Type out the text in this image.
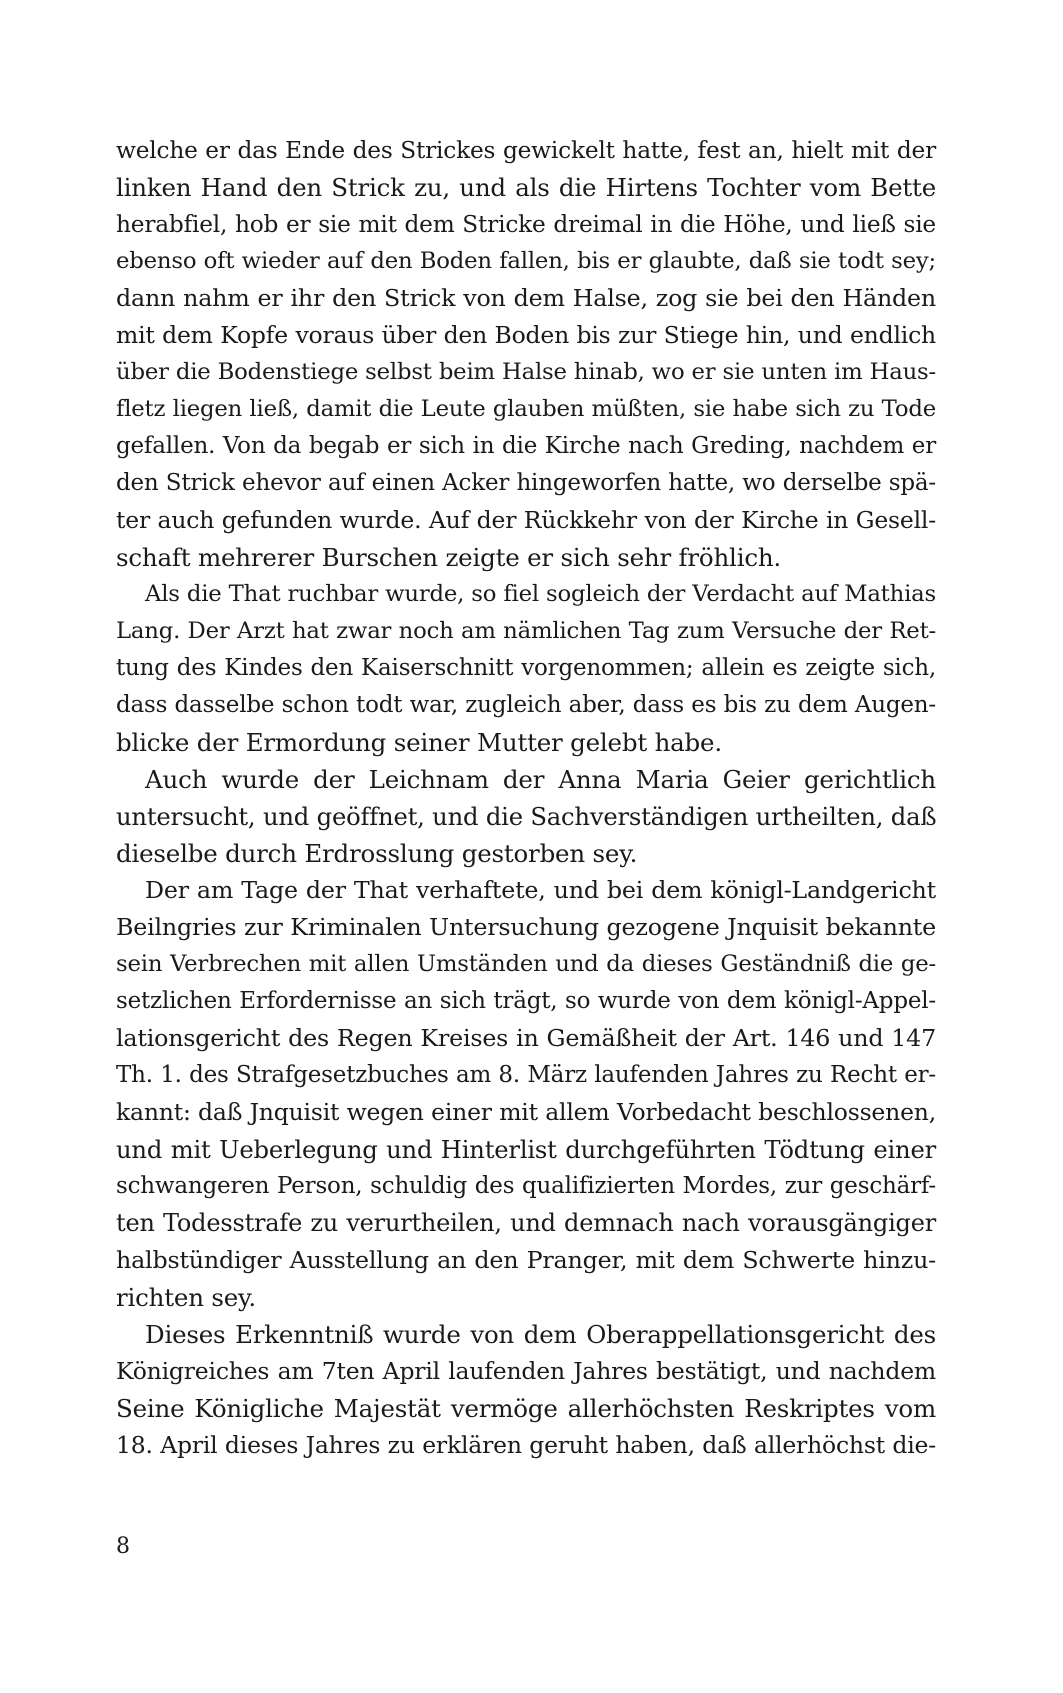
welche er das Ende des Strickes gewickelt hatte, fest an, hielt mit der
linken Hand den Strick zu, und als die Hirtens Tochter vom Bette
herabfiel, hob er sie mit dem Stricke dreimal in die Höhe, und ließ sie
ebenso oft wieder auf den Boden fallen, bis er glaubte, daß sie todt sey;
dann nahm er ihr den Strick von dem Halse, zog sie bei den Händen
mit dem Kopfe voraus über den Boden bis zur Stiege hin, und endlich
über die Bodenstiege selbst beim Halse hinab, wo er sie unten im Haus-
fletz liegen ließ, damit die Leute glauben müßten, sie habe sich zu Tode
gefallen. Von da begab er sich in die Kirche nach Greding, nachdem er
den Strick ehevor auf einen Acker hingeworfen hatte, wo derselbe spä-
ter auch gefunden wurde. Auf der Rückkehr von der Kirche in Gesell-
schaft mehrerer Burschen zeigte er sich sehr fröhlich.
Als die That ruchbar wurde, so fiel sogleich der Verdacht auf Mathias
Lang. Der Arzt hat zwar noch am nämlichen Tag zum Versuche der Ret-
tung des Kindes den Kaiserschnitt vorgenommen; allein es zeigte sich,
dass dasselbe schon todt war, zugleich aber, dass es bis zu dem Augen-
blicke der Ermordung seiner Mutter gelebt habe.
Auch wurde der Leichnam der Anna Maria Geier gerichtlich
untersucht, und geöffnet, und die Sachverständigen urtheilten, daß
dieselbe durch Erdrosslung gestorben sey.
Der am Tage der That verhaftete, und bei dem königl-Landgericht
Beilngries zur Kriminalen Untersuchung gezogene Jnquisit bekannte
sein Verbrechen mit allen Umständen und da dieses Geständniß die ge-
setzlichen Erfordernisse an sich trägt, so wurde von dem königl-Appel-
lationsgericht des Regen Kreises in Gemäßheit der Art. 146 und 147
Th. 1. des Strafgesetzbuches am 8. März laufenden Jahres zu Recht er-
kannt: daß Jnquisit wegen einer mit allem Vorbedacht beschlossenen,
und mit Ueberlegung und Hinterlist durchgeführten Tödtung einer
schwangeren Person, schuldig des qualifizierten Mordes, zur geschärf-
ten Todesstrafe zu verurtheilen, und demnach nach vorausgängiger
halbstündiger Ausstellung an den Pranger, mit dem Schwerte hinzu-
richten sey.
Dieses Erkenntniß wurde von dem Oberappellationsgericht des
Königreiches am 7ten April laufenden Jahres bestätigt, und nachdem
Seine Königliche Majestät vermöge allerhöchsten Reskriptes vom
18. April dieses Jahres zu erklären geruht haben, daß allerhöchst die-
8
